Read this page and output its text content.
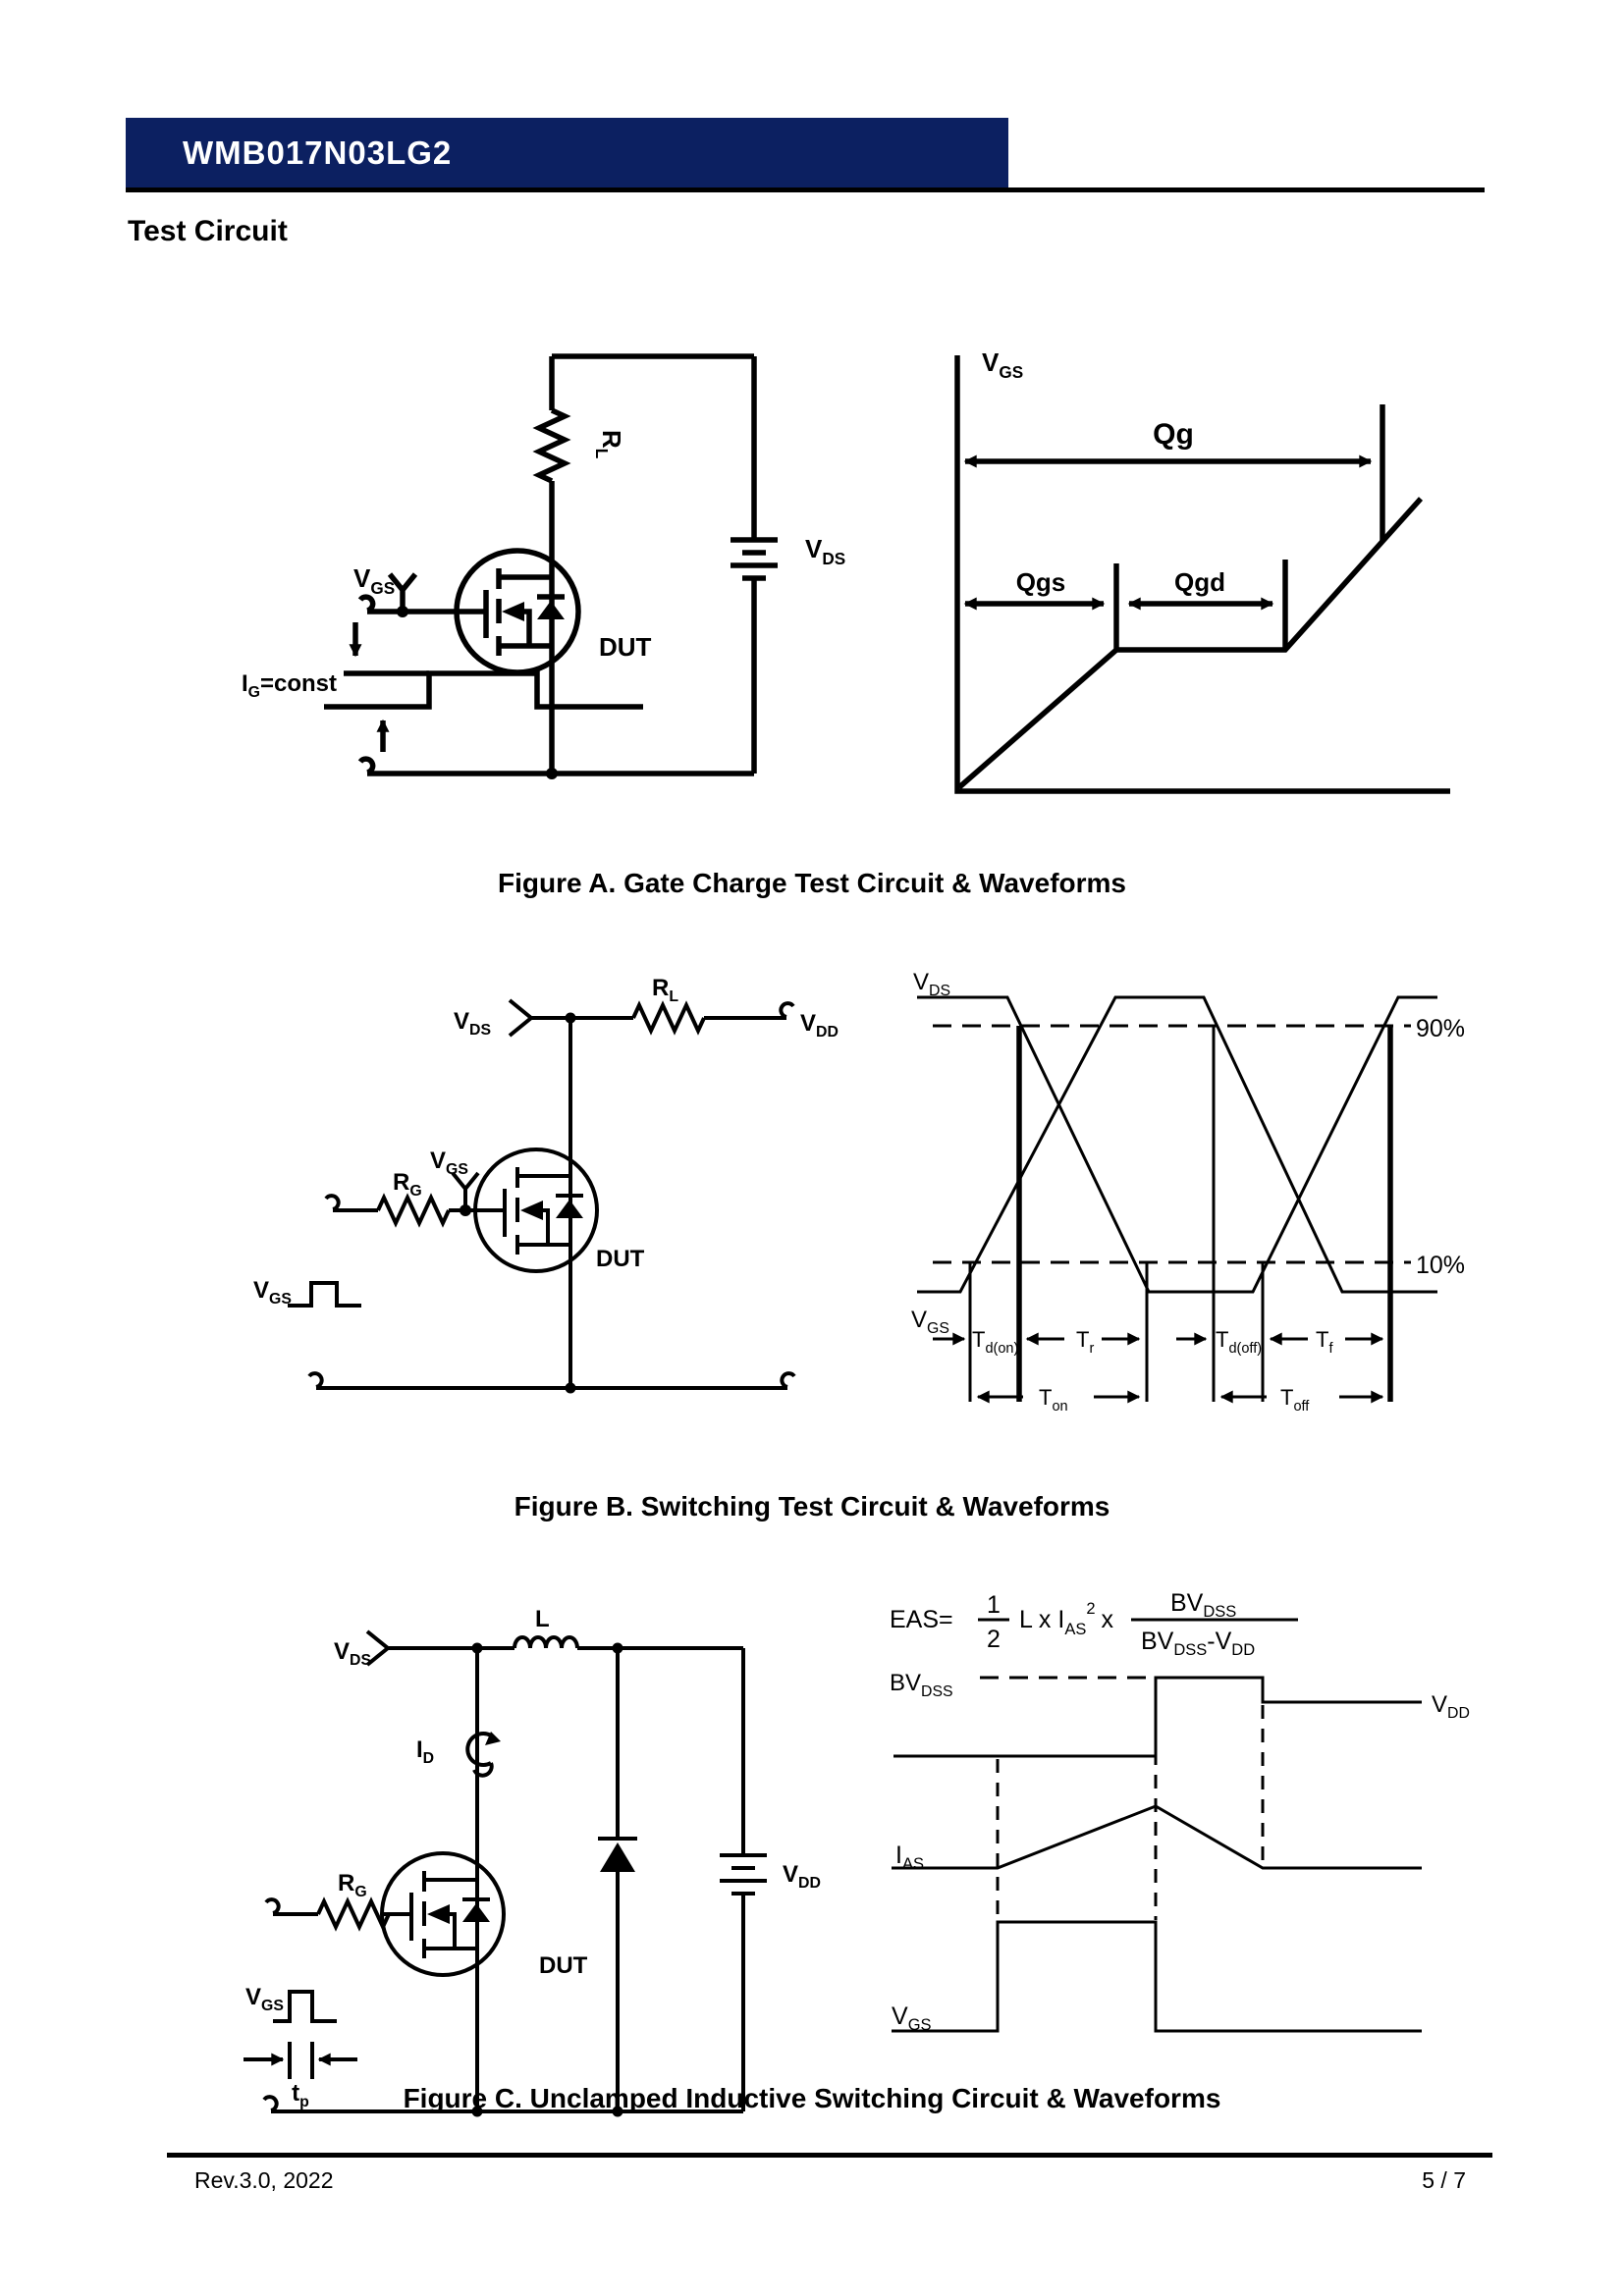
WMB017N03LG2
Test Circuit
$V_{GS}$
$R_L$
$V_{DS}$
DUT
$I_G=const$
$V_{GS}$
Qg
Qgs	Qgd
Figure A. Gate Charge Test Circuit & Waveforms
$V_{DS}$
$R_L$
$V_{DD}$
$R_G$
$V_{GS}$
DUT
$V_{GS}$
$V_{DS}$
$V_{GS}$
90%
10%
$T_{d(on)}$	$T_r$	$T_{d(off)}$ $T_f$
$T_{on}$	$T_{off}$
Figure B. Switching Test Circuit & Waveforms
$V_{DS}$
L
$I_D$
$R_G$
DUT
$V_{GS}$
$t_p$
$V_{DD}$
EAS=
1
2
L x $I_{AS}^2$ x
$BV_{DSS}$
$BV_{DSS}-V_{DD}$
$BV_{DSS}$	$V_{DD}$
$I_{AS}$
$V_{GS}$
Figure C. Unclamped Inductive Switching Circuit & Waveforms
Rev.3.0, 2022	5 / 7
